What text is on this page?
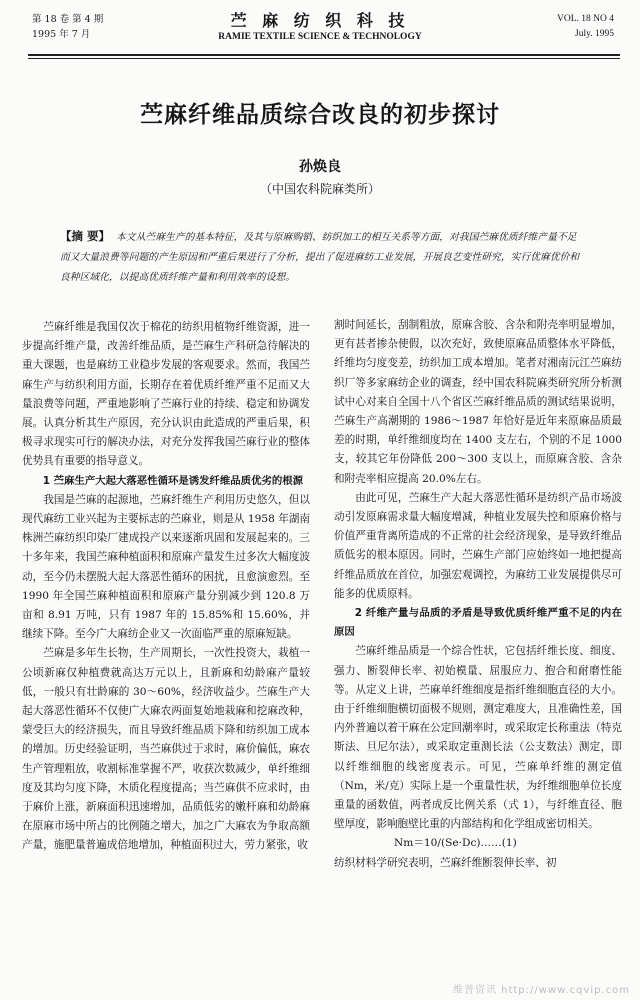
第 18 卷 第 4 期
1995 年 7 月
苎 麻 纺 织 科 技
RAMIE TEXTILE SCIENCE & TECHNOLOGY
VOL. 18 NO 4
July. 1995
苎麻纤维品质综合改良的初步探讨
孙焕良
（中国农科院麻类所）
【摘 要】 本文从苎麻生产的基本特征，及其与原麻购销、纺织加工的相互关系等方面，对我国苎麻优质纤维产量不足而又大量浪费等问题的产生原因和严重后果进行了分析，提出了促进麻纺工业发展，开展良艺变性研究，实行优麻优价和良种区域化，以提高优质纤维产量和利用效率的设想。

苎麻纤维是我国仅次于棉花的纺织用植物纤维资源，进一步提高纤维产量，改善纤维品质，是苎麻生产科研急待解决的重大课题，也是麻纺工业稳步发展的客观要求。然而，我国苎麻生产与纺织利用方面，长期存在着优质纤维严重不足而又大量浪费等问题，严重地影响了苎麻行业的持续、稳定和协调发展。认真分析其生产原因，充分认识由此造成的严重后果，积极寻求现实可行的解决办法，对充分发挥我国苎麻行业的整体优势具有重要的指导意义。

1 苎麻生产大起大落恶性循环是诱发纤维品质优劣的根源

我国是苎麻的起源地，苎麻纤维生产利用历史悠久，但以现代麻纺工业兴起为主要标志的苎麻业，则是从 1958 年湖南株洲苎麻纺织印染厂建成投产以来逐渐巩固和发展起来的。三十多年来，我国苎麻种植面积和原麻产量发生过多次大幅度波动，至今仍未摆脱大起大落恶性循环的困扰，且愈演愈烈。至 1990 年全国苎麻种植面积和原麻产量分别减少到 120.8 万亩和 8.91 万吨，只有 1987 年的 15.85%和 15.60%，并继续下降。至今广大麻纺企业又一次面临严重的原麻短缺。

苎麻是多年生长物，生产周期长，一次性投资大，栽植一公顷新麻仅种植费就高达万元以上，且新麻和幼龄麻产量较低，一般只有壮龄麻的 30～60%，经济收益少。苎麻生产大起大落恶性循环不仅使广大麻农两面复始地栽麻和挖麻改种，蒙受巨大的经济损失，而且导致纤维品质下降和纺织加工成本的增加。历史经验证明，当苎麻供过于求时，麻价偏低，麻农生产管理粗放，收割标准掌握不严，收获次数减少，单纤维细度及其均匀度下降，木质化程度提高；当苎麻供不应求时，由于麻价上涨，新麻面积迅速增加，品质低劣的嫩杆麻和幼龄麻在原麻市场中所占的比例随之增大，加之广大麻农为争取高额产量，施肥量普遍成倍地增加，种植面积过大，劳力紧张，收

割时间延长，刮制粗放，原麻含胶、含杂和附壳率明显增加，更有甚者掺杂使假，以次充好，致使原麻品质整体水平降低，纤维均匀度变差，纺织加工成本增加。笔者对湘南沅江苎麻纺织厂等多家麻纺企业的调查，经中国农科院麻类研究所分析测试中心对来自全国十八个省区苎麻纤维品质的测试结果说明，苎麻生产高潮期的 1986～1987 年恰好是近年来原麻品质最差的时期，单纤维细度均在 1400 支左右，个别的不足 1000 支，较其它年份降低 200～300 支以上，而原麻含胶、含杂和附壳率相应提高 20.0%左右。

由此可见，苎麻生产大起大落恶性循环是纺织产品市场波动引发原麻需求量大幅度增减，种植业发展失控和原麻价格与价值严重背离所造成的不正常的社会经济现象，是导致纤维品质低劣的根本原因。同时，苎麻生产部门应始终如一地把提高纤维品质放在首位，加强宏观调控，为麻纺工业发展提供尽可能多的优质原料。

2 纤维产量与品质的矛盾是导致优质纤维严重不足的内在原因

苎麻纤维品质是一个综合性状，它包括纤维长度、细度、强力、断裂伸长率、初始模量、屈服应力、抱合和耐磨性能等。从定义上讲，苎麻单纤维细度是指纤维细胞直径的大小。由于纤维细胞横切面极不规则，测定难度大，且准确性差，国内外普遍以着干麻在公定回潮率时，或采取定长称重法（特克斯法、旦尼尔法），或采取定重测长法（公支数法）测定，即以纤维细胞的线密度表示。可见，苎麻单纤维的测定值（Nm，米/克）实际上是一个重量性状，为纤维细胞单位长度重量的函数值，两者成反比例关系（式 1），与纤维直径、胞壁厚度，影响胞壁比重的内部结构和化学组成密切相关。

Nm＝10/(Se·Dc)……(1)

纺织材料学研究表明，苎麻纤维断裂伸长率、初

维普资讯 http://www.cqvip.com
